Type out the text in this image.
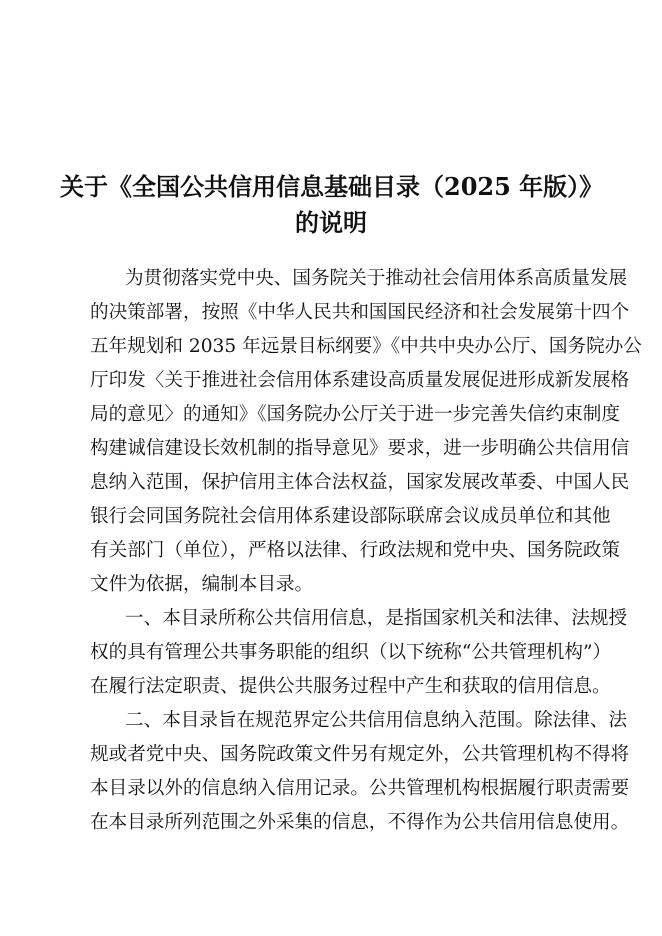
关于《全国公共信用信息基础目录（2025 年版）》
的说明
为贯彻落实党中央、国务院关于推动社会信用体系高质量发展
的决策部署，按照《中华人民共和国国民经济和社会发展第十四个
五年规划和 2035 年远景目标纲要》《中共中央办公厅、国务院办公
厅印发〈关于推进社会信用体系建设高质量发展促进形成新发展格
局的意见〉的通知》《国务院办公厅关于进一步完善失信约束制度
构建诚信建设长效机制的指导意见》要求，进一步明确公共信用信
息纳入范围，保护信用主体合法权益，国家发展改革委、中国人民
银行会同国务院社会信用体系建设部际联席会议成员单位和其他
有关部门（单位），严格以法律、行政法规和党中央、国务院政策
文件为依据，编制本目录。
一、本目录所称公共信用信息，是指国家机关和法律、法规授
权的具有管理公共事务职能的组织（以下统称“公共管理机构”）
在履行法定职责、提供公共服务过程中产生和获取的信用信息。
二、本目录旨在规范界定公共信用信息纳入范围。除法律、法
规或者党中央、国务院政策文件另有规定外，公共管理机构不得将
本目录以外的信息纳入信用记录。公共管理机构根据履行职责需要
在本目录所列范围之外采集的信息，不得作为公共信用信息使用。
